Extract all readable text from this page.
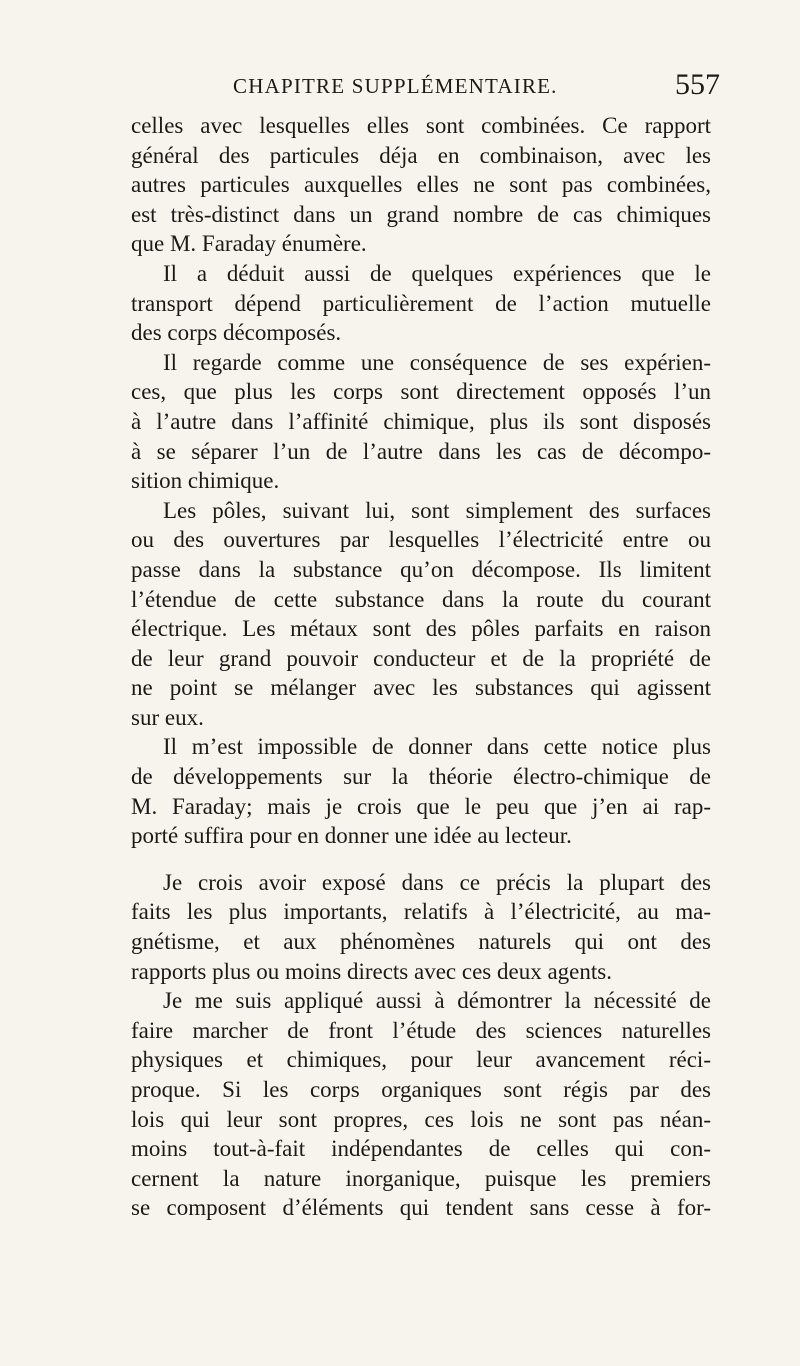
CHAPITRE SUPPLÉMENTAIRE.	557
celles avec lesquelles elles sont combinées. Ce rapport
général des particules déja en combinaison, avec les
autres particules auxquelles elles ne sont pas combinées,
est très-distinct dans un grand nombre de cas chimiques
que M. Faraday énumère.
Il a déduit aussi de quelques expériences que le
transport dépend particulièrement de l’action mutuelle
des corps décomposés.
Il regarde comme une conséquence de ses expérien-
ces, que plus les corps sont directement opposés l’un
à l’autre dans l’affinité chimique, plus ils sont disposés
à se séparer l’un de l’autre dans les cas de décompo-
sition chimique.
Les pôles, suivant lui, sont simplement des surfaces
ou des ouvertures par lesquelles l’électricité entre ou
passe dans la substance qu’on décompose. Ils limitent
l’étendue de cette substance dans la route du courant
électrique. Les métaux sont des pôles parfaits en raison
de leur grand pouvoir conducteur et de la propriété de
ne point se mélanger avec les substances qui agissent
sur eux.
Il m’est impossible de donner dans cette notice plus
de développements sur la théorie électro-chimique de
M. Faraday; mais je crois que le peu que j’en ai rap-
porté suffira pour en donner une idée au lecteur.
Je crois avoir exposé dans ce précis la plupart des
faits les plus importants, relatifs à l’électricité, au ma-
gnétisme, et aux phénomènes naturels qui ont des
rapports plus ou moins directs avec ces deux agents.
Je me suis appliqué aussi à démontrer la nécessité de
faire marcher de front l’étude des sciences naturelles
physiques et chimiques, pour leur avancement réci-
proque. Si les corps organiques sont régis par des
lois qui leur sont propres, ces lois ne sont pas néan-
moins tout-à-fait indépendantes de celles qui con-
cernent la nature inorganique, puisque les premiers
se composent d’éléments qui tendent sans cesse à for-
